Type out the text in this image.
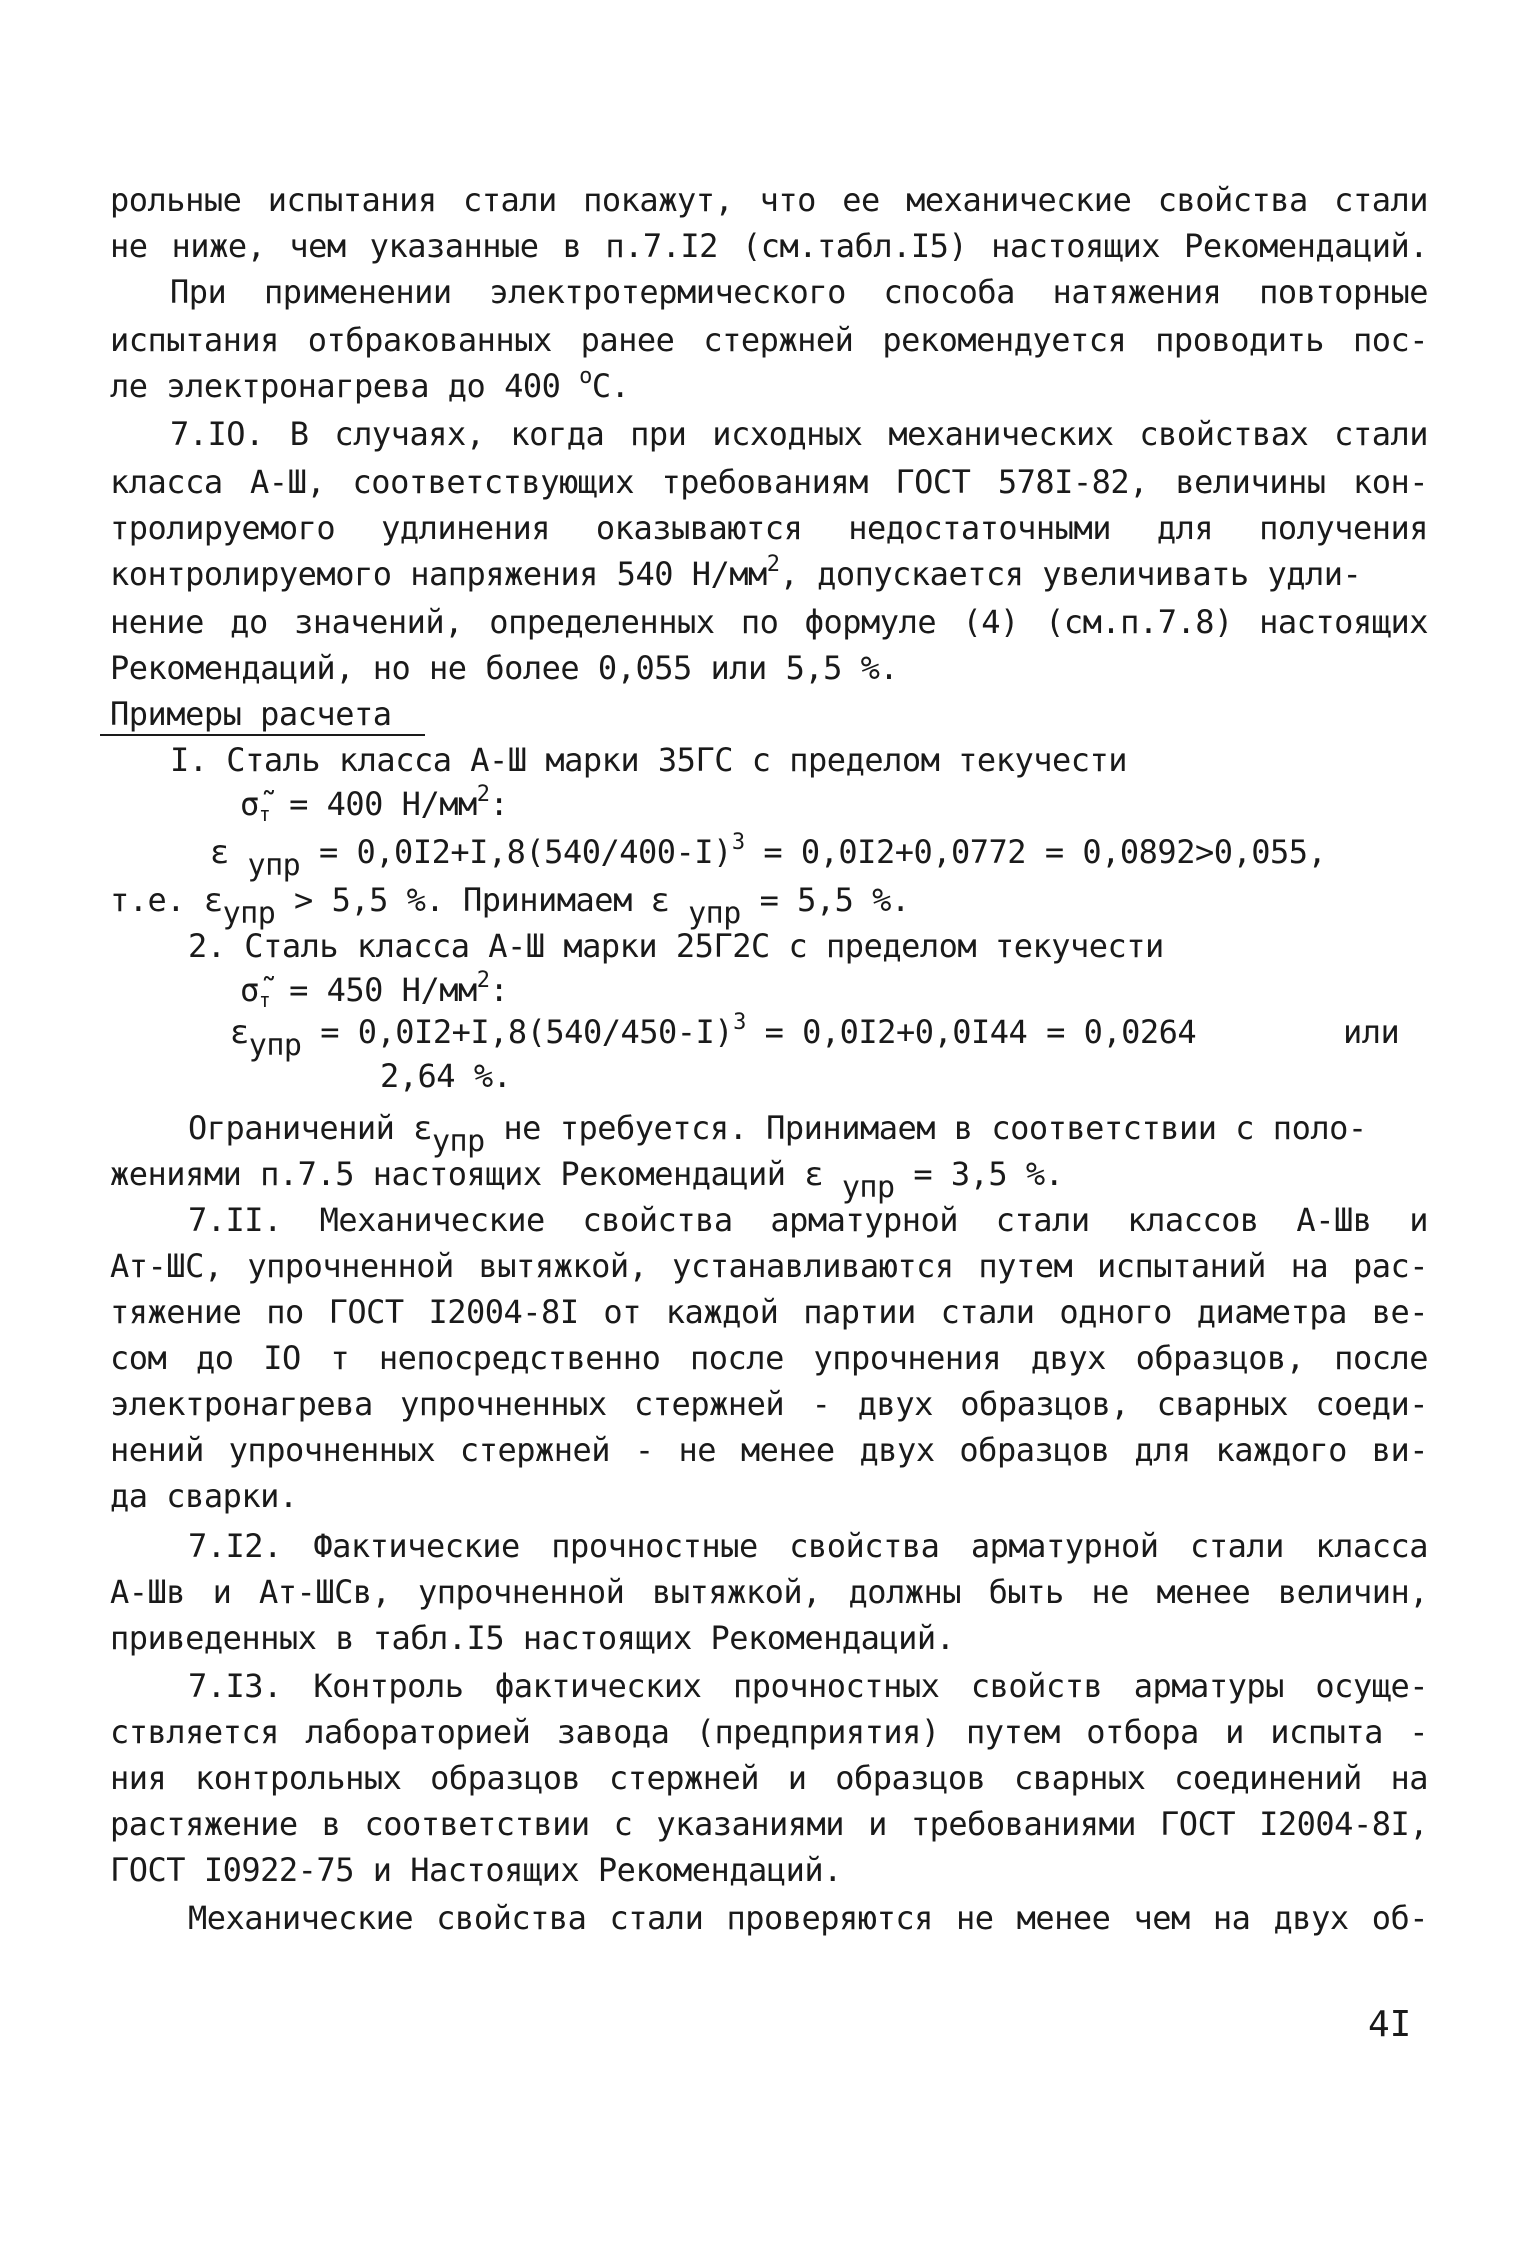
рольные испытания стали покажут, что ее механические свойства стали
не ниже, чем указанные в п.7.I2 (см.табл.I5) настоящих Рекомендаций.
При применении электротермического способа натяжения повторные
испытания отбракованных ранее стержней рекомендуется проводить пос-
ле электронагрева до 400 $^o$С.
7.IO. В случаях, когда при исходных механических свойствах стали
класса А-Ш, соответствующих требованиям ГОСТ 578I-82, величины кон-
тролируемого удлинения оказываются недостаточными для получения
контролируемого напряжения 540 $Н/мм^2$, допускается увеличивать удли-
нение до значений, определенных по формуле (4) (см.п.7.8) настоящих
Рекомендаций, но не более 0,055 или 5,5 %.
Примеры расчета
I. Сталь класса А-Ш марки 35ГС с пределом текучести
$\sigmã_т = 400$ $Н/мм^2$:
ε $_{упр} = 0,0I2+I,8(540/400-I)^3 = 0,0I2+0,0772 = 0,0892>0,055$,
т.е. $\varepsilon_{упр} > 5,5$ %. Принимаем ε $_{упр}$ = 5,5 %.
2. Сталь класса А-Ш марки 25Г2С с пределом текучести
$\sigmã_т = 450$ $Н/мм^2$:
$\varepsilon_{упр} = 0,0I2+I,8(540/450-I)^3 = 0,0I2+0,0I44 = 0,0264$	или
2,64 %.
Ограничений $\varepsilon_{упр}$ не требуется. Принимаем в соответствии с поло-
жениями п.7.5 настоящих Рекомендаций ε $_{упр}$ = 3,5 %.
7.II. Механические свойства арматурной стали классов А-Шв и
Ат-ШС, упрочненной вытяжкой, устанавливаются путем испытаний на рас-
тяжение по ГОСТ I2004-8I от каждой партии стали одного диаметра ве-
сом до IO т непосредственно после упрочнения двух образцов, после
электронагрева упрочненных стержней - двух образцов, сварных соеди-
нений упрочненных стержней - не менее двух образцов для каждого ви-
да сварки.
7.I2. Фактические прочностные свойства арматурной стали класса
А-Шв и Ат-ШСв, упрочненной вытяжкой, должны быть не менее величин,
приведенных в табл.I5 настоящих Рекомендаций.
7.I3. Контроль фактических прочностных свойств арматуры осуще-
ствляется лабораторией завода (предприятия) путем отбора и испыта -
ния контрольных образцов стержней и образцов сварных соединений на
растяжение в соответствии с указаниями и требованиями ГОСТ I2004-8I,
ГОСТ I0922-75 и Настоящих Рекомендаций.
Механические свойства стали проверяются не менее чем на двух об-
4I
